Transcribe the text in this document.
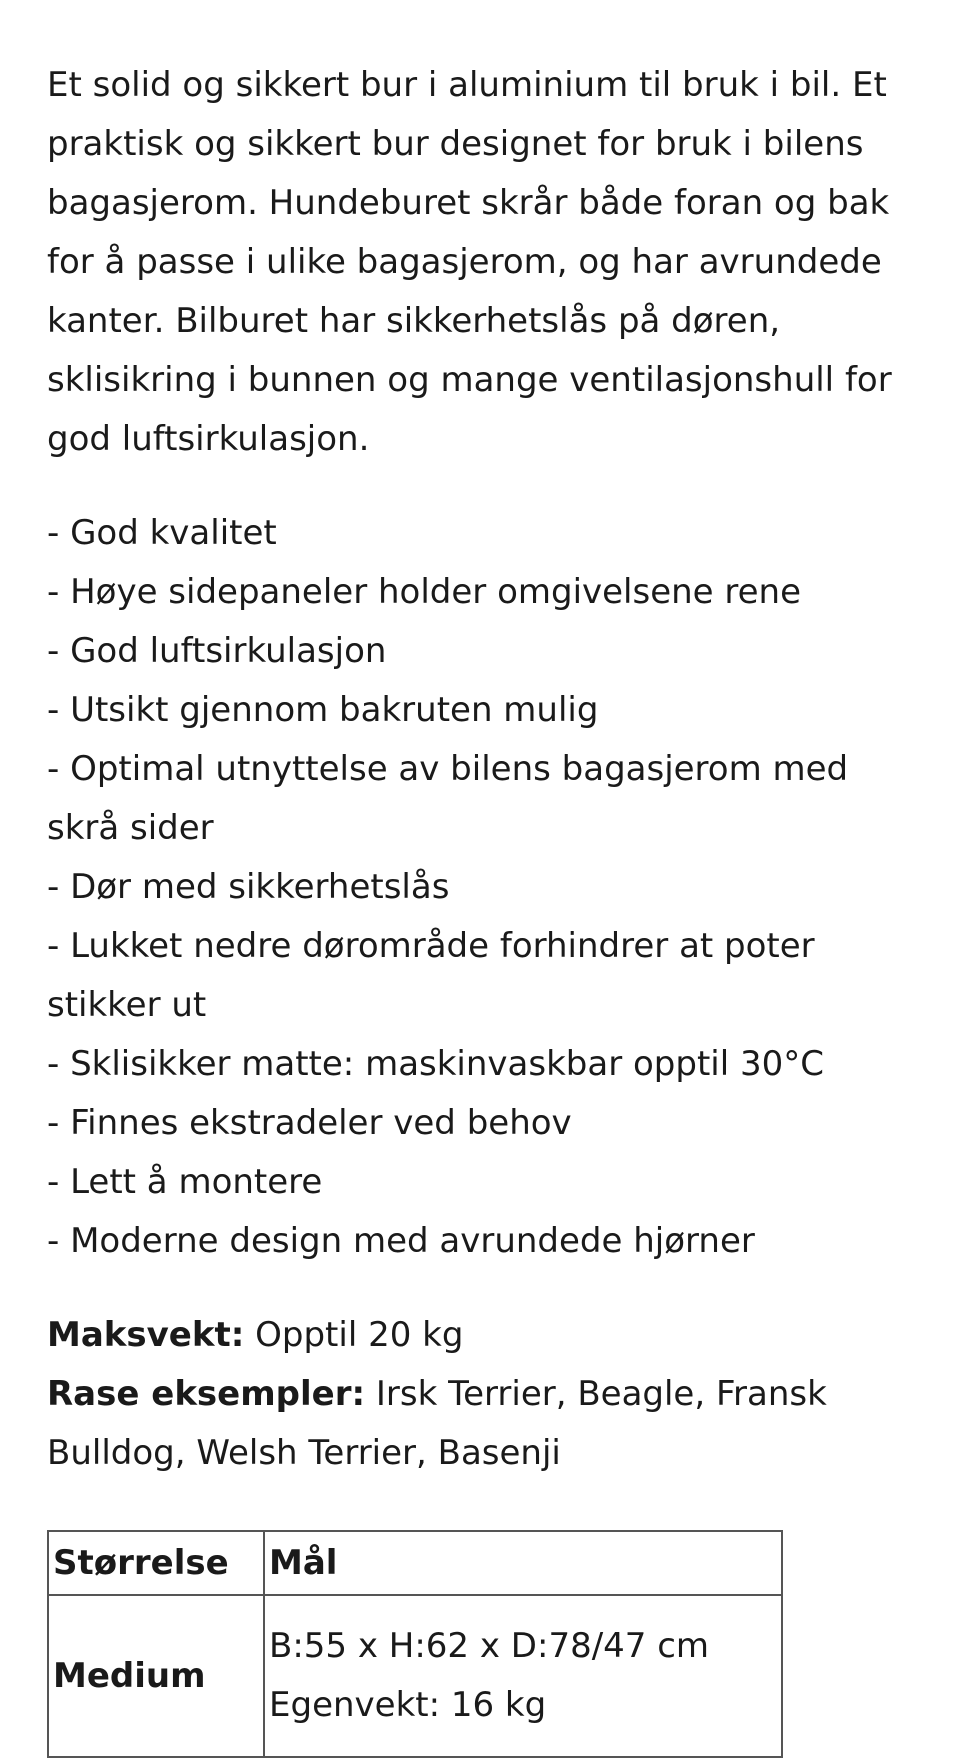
Et solid og sikkert bur i aluminium til bruk i bil. Et praktisk og sikkert bur designet for bruk i bilens bagasjerom. Hundeburet skrår både foran og bak for å passe i ulike bagasjerom, og har avrundede kanter. Bilburet har sikkerhetslås på døren, sklisikring i bunnen og mange ventilasjonshull for god luftsirkulasjon.

- God kvalitet
- Høye sidepaneler holder omgivelsene rene
- God luftsirkulasjon
- Utsikt gjennom bakruten mulig
- Optimal utnyttelse av bilens bagasjerom med skrå sider
- Dør med sikkerhetslås
- Lukket nedre dørområde forhindrer at poter stikker ut
- Sklisikker matte: maskinvaskbar opptil 30°C
- Finnes ekstradeler ved behov
- Lett å montere
- Moderne design med avrundede hjørner

Maksvekt: Opptil 20 kg

Rase eksempler: Irsk Terrier, Beagle, Fransk Bulldog, Welsh Terrier, Basenji

Størrelse	Mål
Medium	B:55 x H:62 x D:78/47 cm
Egenvekt: 16 kg
